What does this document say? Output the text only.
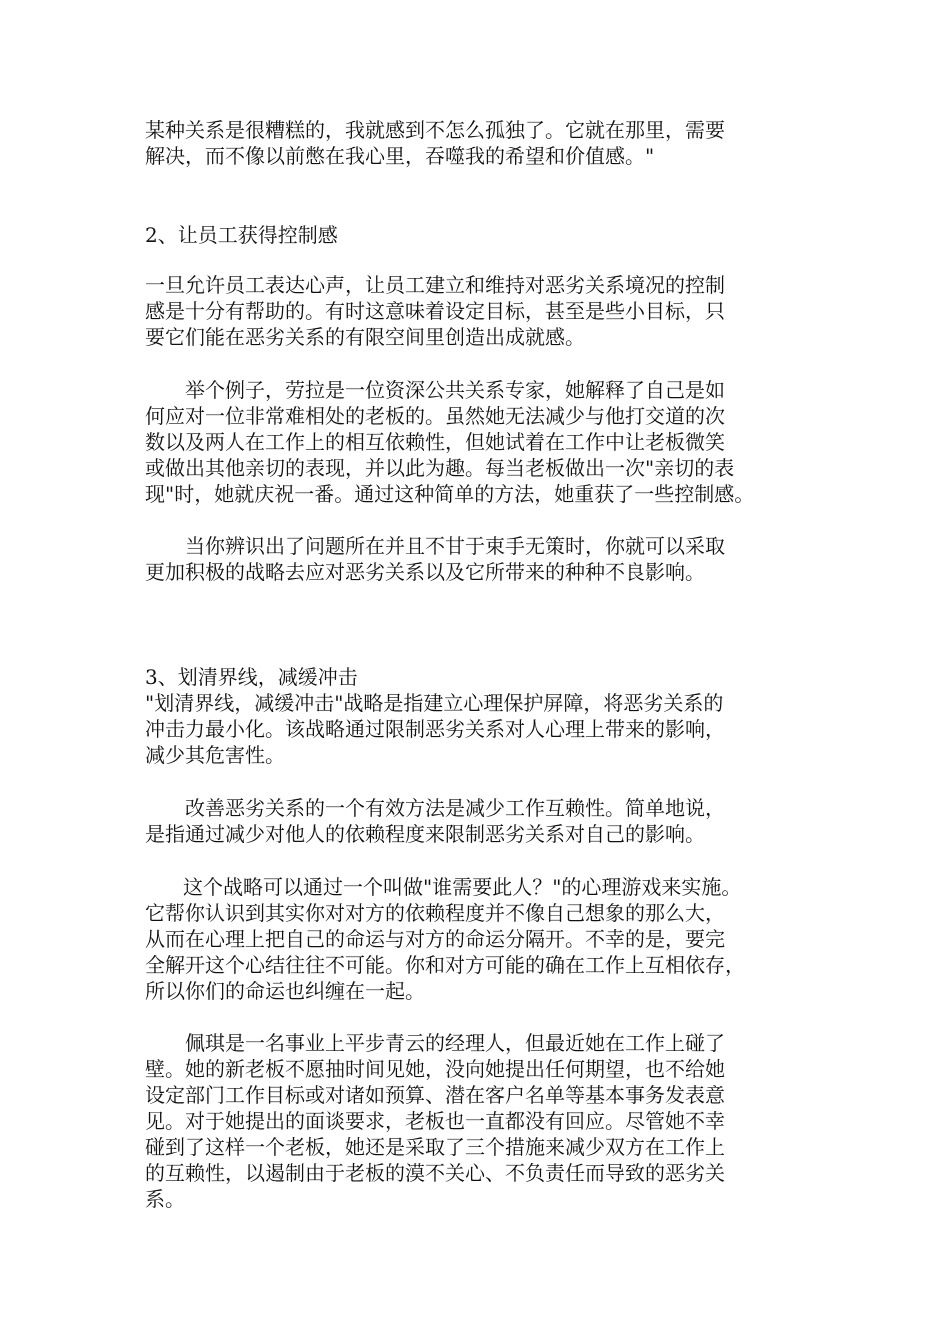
某种关系是很糟糕的，我就感到不怎么孤独了。它就在那里，需要
解决，而不像以前憋在我心里，吞噬我的希望和价值感。"
2、让员工获得控制感
一旦允许员工表达心声，让员工建立和维持对恶劣关系境况的控制
感是十分有帮助的。有时这意味着设定目标，甚至是些小目标，只
要它们能在恶劣关系的有限空间里创造出成就感。
举个例子，劳拉是一位资深公共关系专家，她解释了自己是如
何应对一位非常难相处的老板的。虽然她无法减少与他打交道的次
数以及两人在工作上的相互依赖性，但她试着在工作中让老板微笑
或做出其他亲切的表现，并以此为趣。每当老板做出一次"亲切的表
现"时，她就庆祝一番。通过这种简单的方法，她重获了一些控制感。
当你辨识出了问题所在并且不甘于束手无策时，你就可以采取
更加积极的战略去应对恶劣关系以及它所带来的种种不良影响。
3、划清界线，减缓冲击
"划清界线，减缓冲击"战略是指建立心理保护屏障，将恶劣关系的
冲击力最小化。该战略通过限制恶劣关系对人心理上带来的影响，
减少其危害性。
改善恶劣关系的一个有效方法是减少工作互赖性。简单地说，
是指通过减少对他人的依赖程度来限制恶劣关系对自己的影响。
这个战略可以通过一个叫做"谁需要此人？"的心理游戏来实施。
它帮你认识到其实你对对方的依赖程度并不像自己想象的那么大，
从而在心理上把自己的命运与对方的命运分隔开。不幸的是，要完
全解开这个心结往往不可能。你和对方可能的确在工作上互相依存，
所以你们的命运也纠缠在一起。
佩琪是一名事业上平步青云的经理人，但最近她在工作上碰了
壁。她的新老板不愿抽时间见她，没向她提出任何期望，也不给她
设定部门工作目标或对诸如预算、潜在客户名单等基本事务发表意
见。对于她提出的面谈要求，老板也一直都没有回应。尽管她不幸
碰到了这样一个老板，她还是采取了三个措施来减少双方在工作上
的互赖性，以遏制由于老板的漠不关心、不负责任而导致的恶劣关
系。
